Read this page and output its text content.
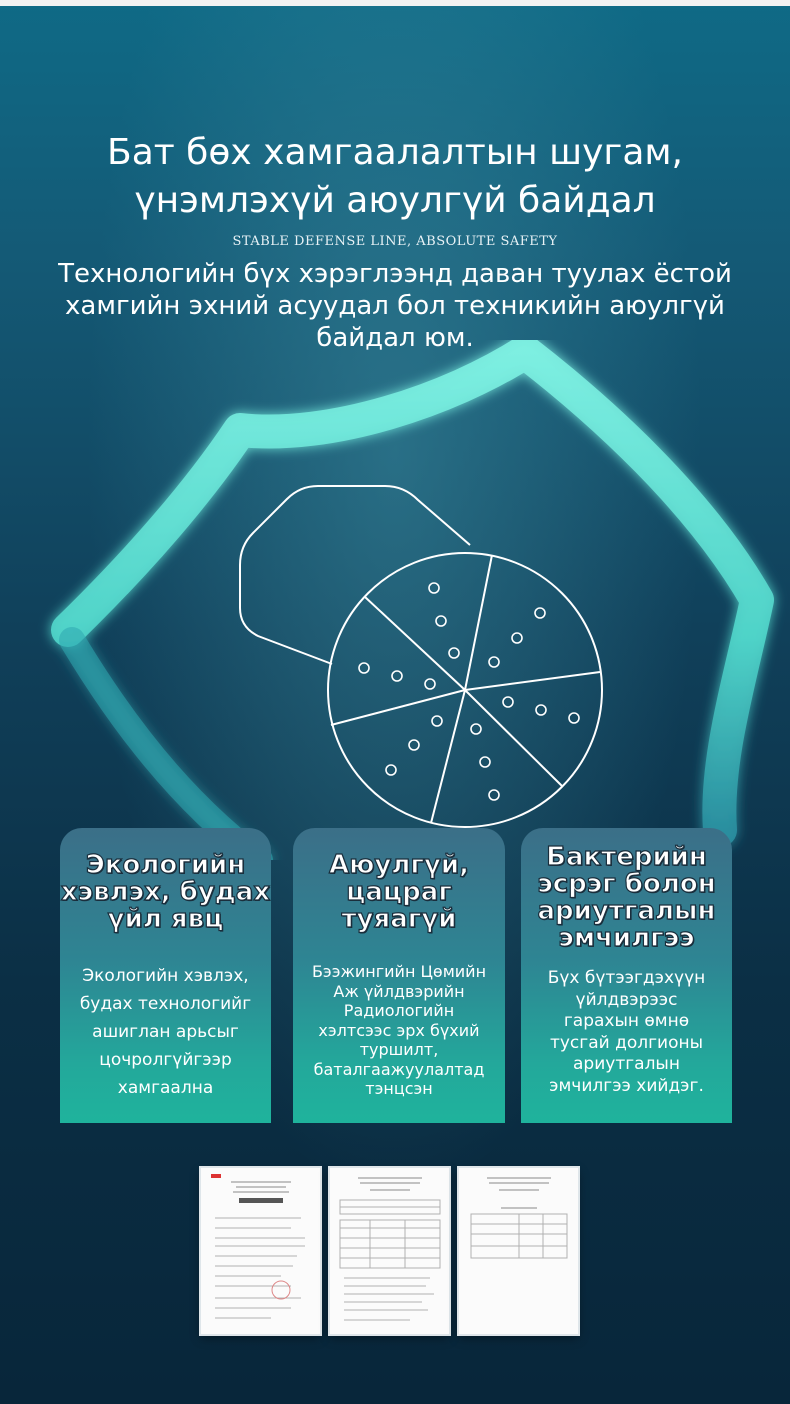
Бат бөх хамгаалалтын шугам,
үнэмлэхүй аюулгүй байдал
STABLE DEFENSE LINE, ABSOLUTE SAFETY
Технологийн бүх хэрэглээнд даван туулах ёстой хамгийн эхний асуудал бол техникийн аюулгүй байдал юм.
Экологийн
хэвлэх, будах
үйл явц
Экологийн хэвлэх,
будах технологийг
ашиглан арьсыг
цочролгүйгээр
хамгаална
Аюулгүй,
цацраг
туяагүй
Бээжингийн Цөмийн
Аж үйлдвэрийн
Радиологийн
хэлтсээс эрх бүхий
туршилт,
баталгаажуулалтад
тэнцсэн
Бактерийн
эсрэг болон
ариутгалын
эмчилгээ
Бүх бүтээгдэхүүн
үйлдвэрээс
гарахын өмнө
тусгай долгионы
ариутгалын
эмчилгээ хийдэг.
